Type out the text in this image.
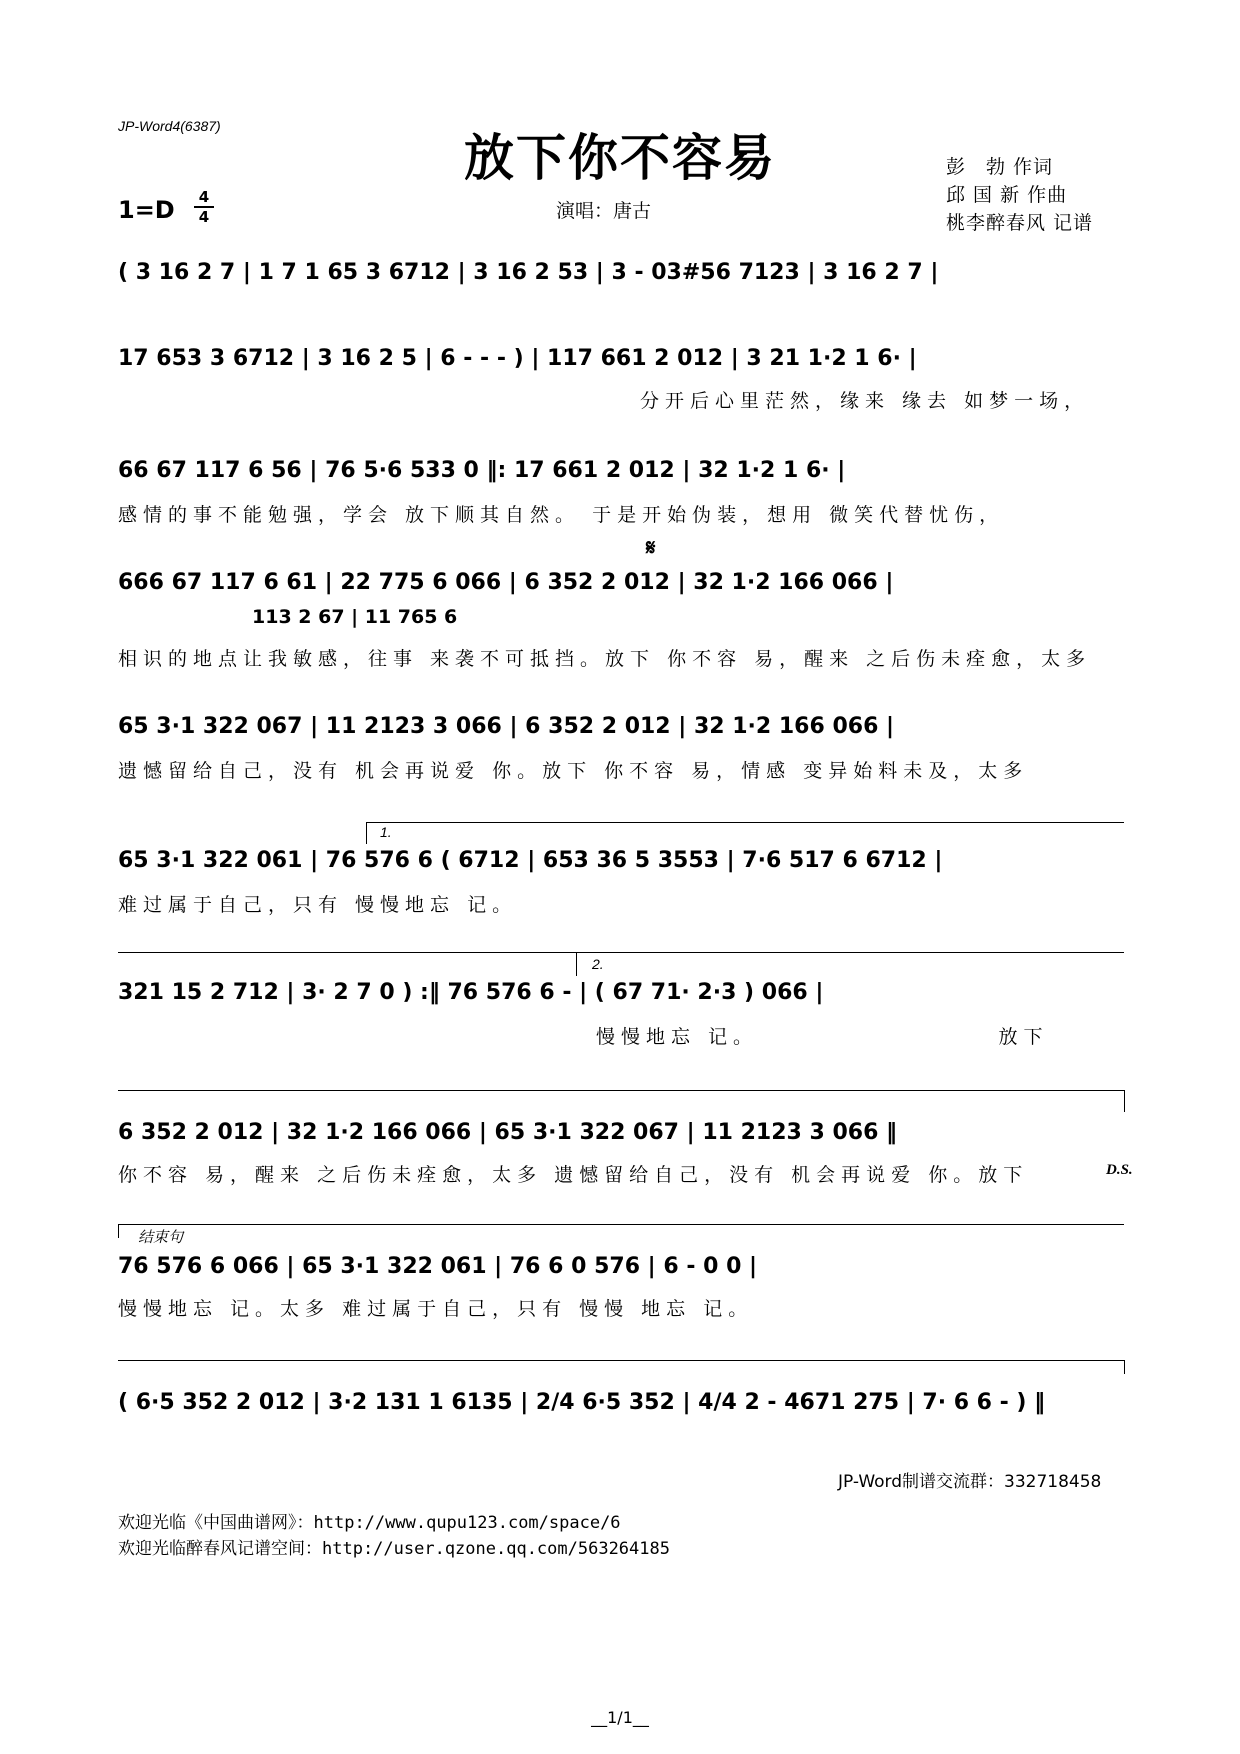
JP-Word4(6387)
放下你不容易
演唱：唐古
彭　勃 作词
邱 国 新 作曲
桃李醉春风 记谱
1=D	4
4
( 3 16 2 7 | 1 7 1 65 3 6712 | 3 16 2 53 | 3 - 03#56 7123 | 3 16 2 7 |
17 653 3 6712 | 3 16 2 5 | 6 - - - ) | 117 661 2 012 | 3 21 1·2 1 6· |
分开后心里茫然，缘来 缘去 如梦一场，
66 67 117 6 56 | 76 5·6 533 0 ‖: 17 661 2 012 | 32 1·2 1 6· |
感情的事不能勉强，学会 放下顺其自然。 于是开始伪装，想用 微笑代替忧伤，
𝄋
666 67 117 6 61 | 22 775 6 066 | 6 352 2 012 | 32 1·2 166 066 |
113 2 67 | 11 765 6
相识的地点让我敏感，往事 来袭不可抵挡。放下 你不容 易，醒来 之后伤未痊愈，太多
65 3·1 322 067 | 11 2123 3 066 | 6 352 2 012 | 32 1·2 166 066 |
遗憾留给自己，没有 机会再说爱 你。放下 你不容 易，情感 变异始料未及，太多
1.
65 3·1 322 061 | 76 576 6 ( 6712 | 653 36 5 3553 | 7·6 517 6 6712 |
难过属于自己，只有 慢慢地忘 记。
2.
321 15 2 712 | 3· 2 7 0 ) :‖ 76 576 6 - | ( 67 71· 2·3 ) 066 |
慢慢地忘 记。　　　　　　　　　　放下
6 352 2 012 | 32 1·2 166 066 | 65 3·1 322 067 | 11 2123 3 066 ‖
你不容 易，醒来 之后伤未痊愈，太多 遗憾留给自己，没有 机会再说爱 你。放下	D.S.
结束句
76 576 6 066 | 65 3·1 322 061 | 76 6 0 576 | 6 - 0 0 |
慢慢地忘 记。太多 难过属于自己，只有 慢慢 地忘 记。
( 6·5 352 2 012 | 3·2 131 1 6135 | 2/4 6·5 352 | 4/4 2 - 4671 275 | 7· 6 6 - ) ‖
欢迎光临《中国曲谱网》：http://www.qupu123.com/space/6
欢迎光临醉春风记谱空间：http://user.qzone.qq.com/563264185
JP-Word制谱交流群：332718458
__1/1__
